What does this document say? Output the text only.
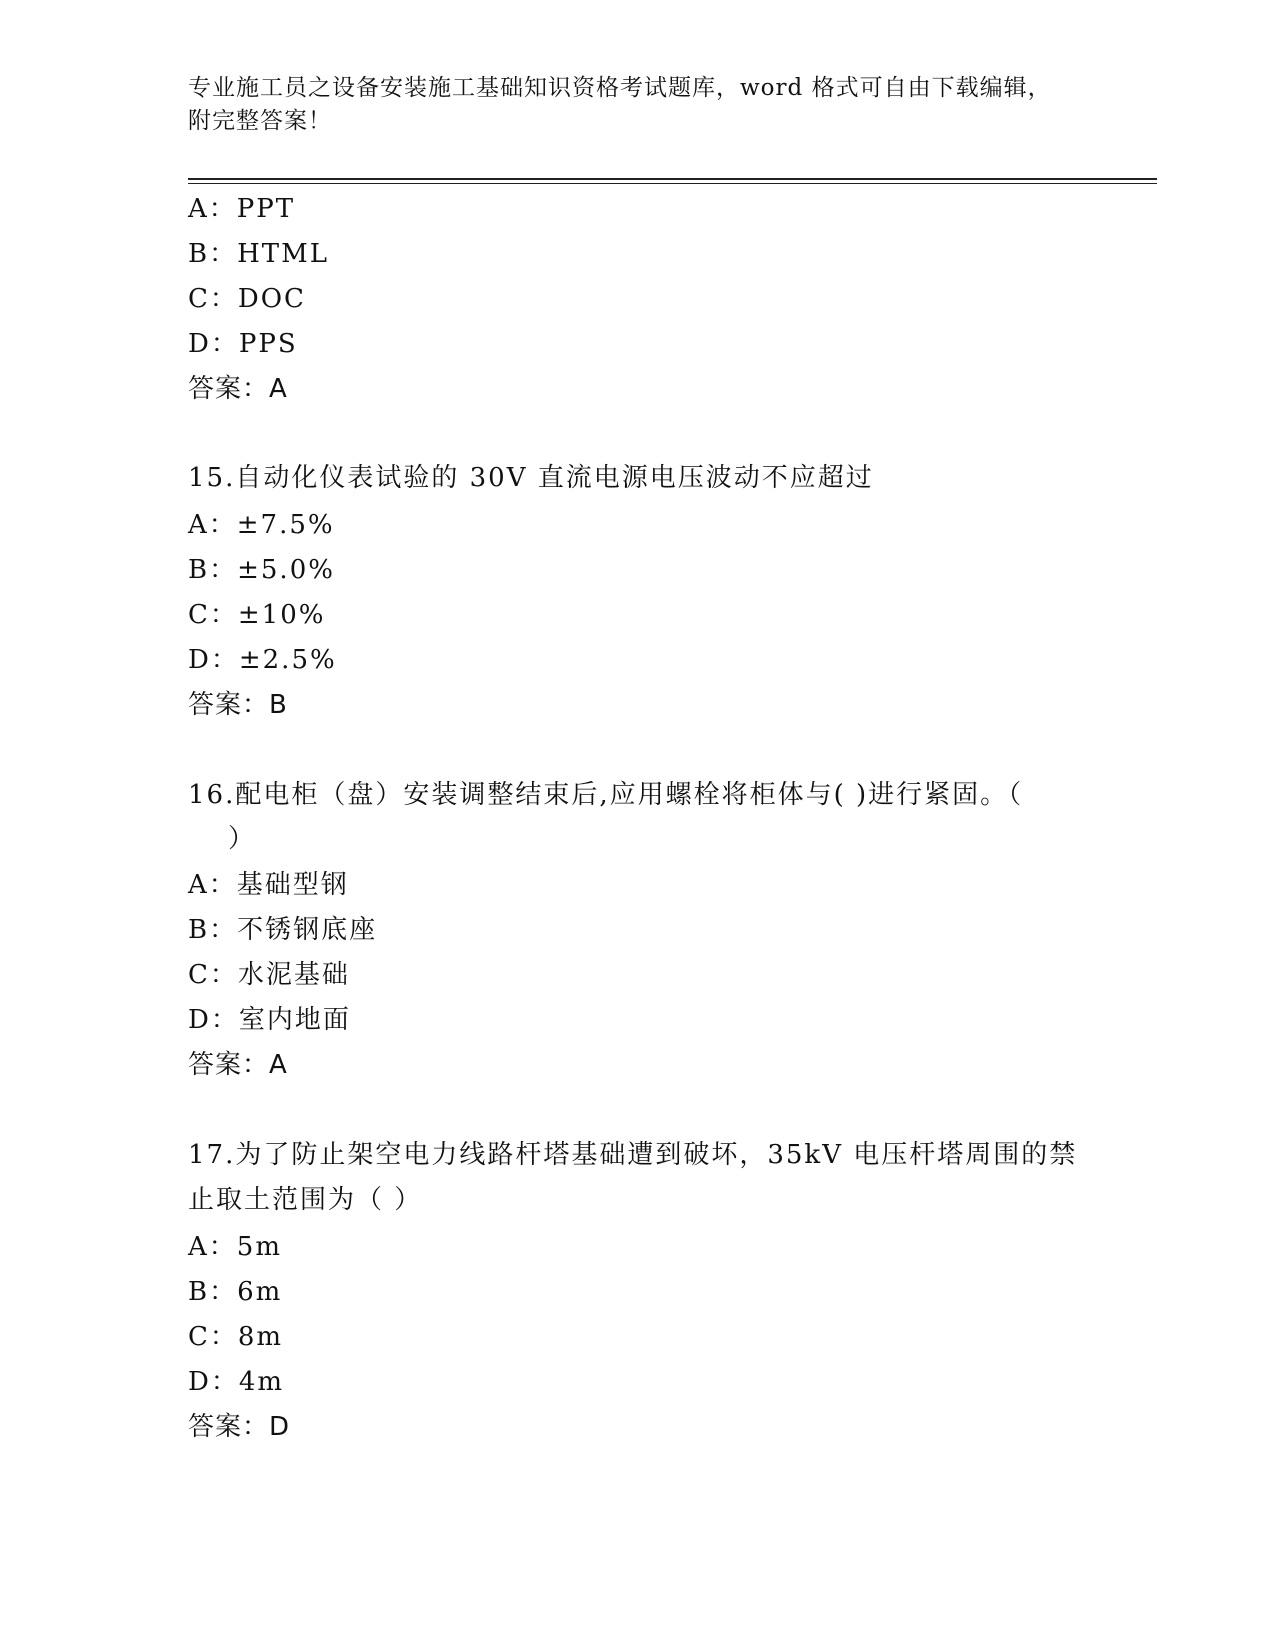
专业施工员之设备安装施工基础知识资格考试题库，word 格式可自由下载编辑，
附完整答案！
A：PPT
B：HTML
C：DOC
D：PPS
答案：A
15.自动化仪表试验的 30V 直流电源电压波动不应超过
A：±7.5%
B：±5.0%
C：±10%
D：±2.5%
答案：B
16.配电柜（盘）安装调整结束后,应用螺栓将柜体与( )进行紧固。（
）
A：基础型钢
B：不锈钢底座
C：水泥基础
D：室内地面
答案：A
17.为了防止架空电力线路杆塔基础遭到破坏，35kV 电压杆塔周围的禁
止取土范围为（ ）
A：5m
B：6m
C：8m
D：4m
答案：D
